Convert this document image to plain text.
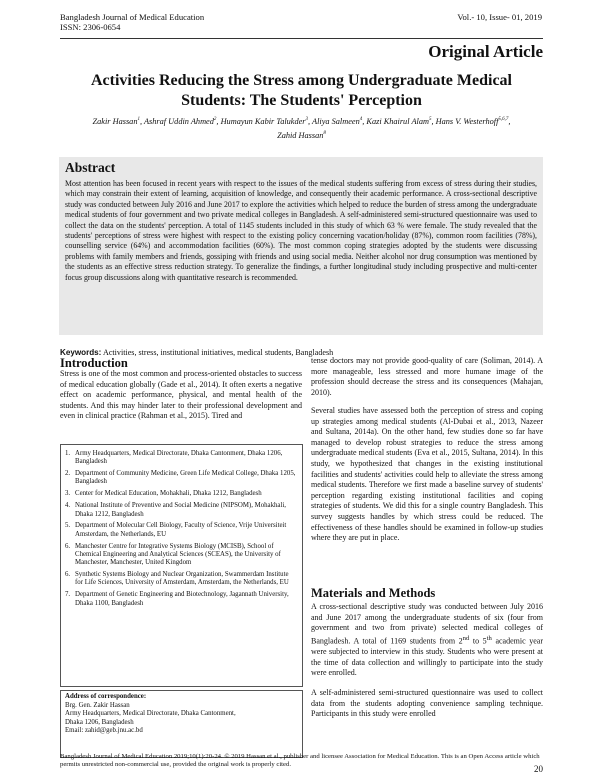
Bangladesh Journal of Medical Education
ISSN: 2306-0654
Vol.- 10, Issue- 01, 2019
Original Article
Activities Reducing the Stress among Undergraduate Medical
Students: The Students' Perception
Zakir Hassan$^1$, Ashraf Uddin Ahmed$^2$, Humayun Kabir Talukder$^3$, Aliya Salmeen$^4$, Kazi Khairul Alam$^5$, Hans V. Westerhoff$^{5,6,7}$,
Zahid Hassan$^8$
Abstract

Most attention has been focused in recent years with respect to the issues of the medical students suffering from excess of stress during their studies, which may constrain their extent of learning, acquisition of knowledge, and consequently their academic performance. A cross-sectional descriptive study was conducted between July 2016 and June 2017 to explore the activities which helped to reduce the burden of stress among the undergraduate medical students of four government and two private medical colleges in Bangladesh. A self-administered semi-structured questionnaire was used to collect the data on the students' perception. A total of 1145 students included in this study of which 63 % were female. The study revealed that the students' perceptions of stress were highest with respect to the existing policy concerning vacation/holiday (87%), common room facilities (78%), counselling service (64%) and accommodation facilities (60%). The most common coping strategies adopted by the students were discussing problems with family members and friends, gossiping with friends and using social media. Neither alcohol nor drug consumption was mentioned by the students as an effective stress reduction strategy. To generalize the findings, a further longitudinal study including prospective and multi-center focus group discussions along with quantitative research is recommended.

Keywords: Activities, stress, institutional initiatives, medical students, Bangladesh
Introduction

Stress is one of the most common and process-oriented obstacles to success of medical education globally (Gade et al., 2014). It often exerts a negative effect on academic performance, physical, and mental health of the students. And this may hinder later to their professional development and even in clinical practice (Rahman et al., 2015). Tired and

1. Army Headquarters, Medical Directorate, Dhaka Cantonment, Dhaka 1206, Bangladesh
2. Department of Community Medicine, Green Life Medical College, Dhaka 1205, Bangladesh
3. Center for Medical Education, Mohakhali, Dhaka 1212, Bangladesh
4. National Institute of Preventive and Social Medicine (NIPSOM), Mohakhali, Dhaka 1212, Bangladesh
5. Department of Molecular Cell Biology, Faculty of Science, Vrije Universiteit Amsterdam, the Netherlands, EU
6. Manchester Centre for Integrative Systems Biology (MCISB), School of Chemical Engineering and Analytical Sciences (SCEAS), the University of Manchester, Manchester, United Kingdom
6. Synthetic Systems Biology and Nuclear Organization, Swammerdam Institute for Life Sciences, University of Amsterdam, Amsterdam, the Netherlands, EU
7. Department of Genetic Engineering and Biotechnology, Jagannath University, Dhaka 1100, Bangladesh
Address of correspondence:
Brg. Gen. Zakir Hassan
Army Headquarters, Medical Directorate, Dhaka Cantonment,
Dhaka 1206, Bangladesh
Email: zahid@geb.jnu.ac.bd

tense doctors may not provide good-quality of care (Soliman, 2014). A more manageable, less stressed and more humane image of the profession should decrease the stress and its consequences (Mahajan, 2010).

Several studies have assessed both the perception of stress and coping up strategies among medical students (Al-Dubai et al., 2013, Nazeer and Sultana, 2014a). On the other hand, few studies done so far have managed to develop robust strategies to reduce the stress among undergraduate medical students (Eva et al., 2015, Sultana, 2014). In this study, we hypothesized that changes in the existing institutional facilities and students' activities could help to alleviate the stress among medical students. Therefore we first made a baseline survey of students' perception regarding existing institutional facilities and coping strategies of students. We did this for a single country Bangladesh. This survey suggests handles by which stress could be reduced. The effectiveness of these handles should be examined in follow-up studies where they are put in place.

Materials and Methods

A cross-sectional descriptive study was conducted between July 2016 and June 2017 among the undergraduate students of six (four from government and two from private) selected medical colleges of Bangladesh. A total of 1169 students from 2nd to 5th academic year were subjected to interview in this study. Students who were present at the time of data collection and willingly to participate into the study were enrolled.

A self-administered semi-structured questionnaire was used to collect data from the students adopting convenience sampling technique. Participants in this study were enrolled

Bangladesh Journal of Medical Education 2019;10(1):20-24. © 2019 Hassan et al., publisher and licensee Association for Medical Education. This is an Open Access article which permits unrestricted non-commercial use, provided the original work is properly cited.	20
